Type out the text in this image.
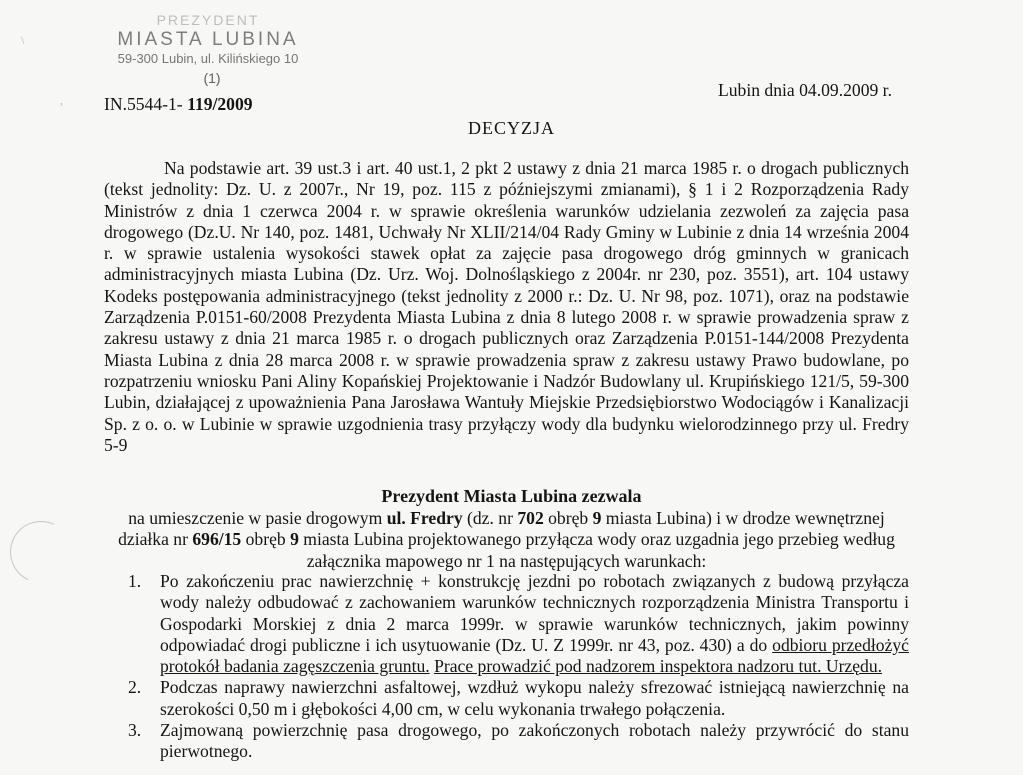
PREZYDENT
MIASTA LUBINA
59-300 Lubin, ul. Kilińskiego 10
(1)
IN.5544-1- 119/2009
Lubin dnia 04.09.2009 r.
DECYZJA

Na podstawie art. 39 ust.3 i art. 40 ust.1, 2 pkt 2 ustawy z dnia 21 marca 1985 r. o drogach publicznych (tekst jednolity: Dz. U. z 2007r., Nr 19, poz. 115 z późniejszymi zmianami), § 1 i 2 Rozporządzenia Rady Ministrów z dnia 1 czerwca 2004 r. w sprawie określenia warunków udzielania zezwoleń za zajęcia pasa drogowego (Dz.U. Nr 140, poz. 1481, Uchwały Nr XLII/214/04 Rady Gminy w Lubinie z dnia 14 września 2004 r. w sprawie ustalenia wysokości stawek opłat za zajęcie pasa drogowego dróg gminnych w granicach administracyjnych miasta Lubina (Dz. Urz. Woj. Dolnośląskiego z 2004r. nr 230, poz. 3551), art. 104 ustawy Kodeks postępowania administracyjnego (tekst jednolity z 2000 r.: Dz. U. Nr 98, poz. 1071), oraz na podstawie Zarządzenia P.0151-60/2008 Prezydenta Miasta Lubina z dnia 8 lutego 2008 r. w sprawie prowadzenia spraw z zakresu ustawy z dnia 21 marca 1985 r. o drogach publicznych oraz Zarządzenia P.0151-144/2008 Prezydenta Miasta Lubina z dnia 28 marca 2008 r. w sprawie prowadzenia spraw z zakresu ustawy Prawo budowlane, po rozpatrzeniu wniosku Pani Aliny Kopańskiej Projektowanie i Nadzór Budowlany ul. Krupińskiego 121/5, 59-300 Lubin, działającej z upoważnienia Pana Jarosława Wantuły Miejskie Przedsiębiorstwo Wodociągów i Kanalizacji Sp. z o. o. w Lubinie w sprawie uzgodnienia trasy przyłączy wody dla budynku wielorodzinnego przy ul. Fredry 5-9

Prezydent Miasta Lubina zezwala

na umieszczenie w pasie drogowym ul. Fredry (dz. nr 702 obręb 9 miasta Lubina) i w drodze wewnętrznej działka nr 696/15 obręb 9 miasta Lubina projektowanego przyłącza wody oraz uzgadnia jego przebieg według załącznika mapowego nr 1 na następujących warunkach:

1. Po zakończeniu prac nawierzchnię + konstrukcję jezdni po robotach związanych z budową przyłącza wody należy odbudować z zachowaniem warunków technicznych rozporządzenia Ministra Transportu i Gospodarki Morskiej z dnia 2 marca 1999r. w sprawie warunków technicznych, jakim powinny odpowiadać drogi publiczne i ich usytuowanie (Dz. U. Z 1999r. nr 43, poz. 430) a do odbioru przedłożyć protokół badania zagęszczenia gruntu. Prace prowadzić pod nadzorem inspektora nadzoru tut. Urzędu.
2. Podczas naprawy nawierzchni asfaltowej, wzdłuż wykopu należy sfrezować istniejącą nawierzchnię na szerokości 0,50 m i głębokości 4,00 cm, w celu wykonania trwałego połączenia.
3. Zajmowaną powierzchnię pasa drogowego, po zakończonych robotach należy przywrócić do stanu pierwotnego.
\
,
